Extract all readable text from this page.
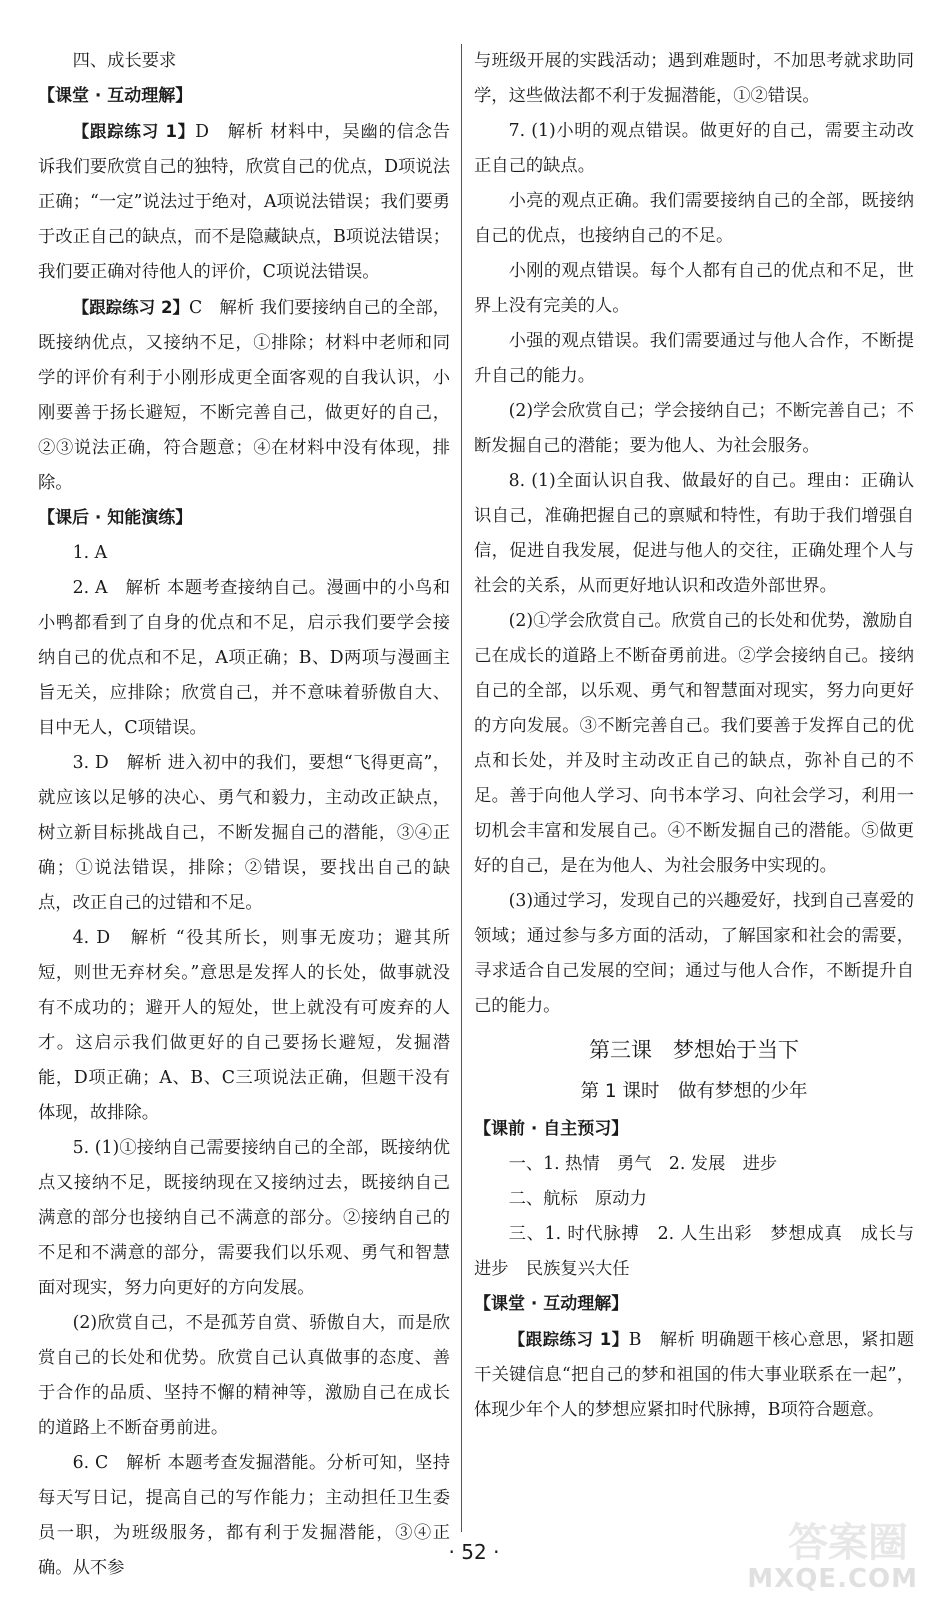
四、成长要求

【课堂 · 互动理解】

【跟踪练习 1】D　解析 材料中，吴幽的信念告诉我们要欣赏自己的独特，欣赏自己的优点，D项说法正确；“一定”说法过于绝对，A项说法错误；我们要勇于改正自己的缺点，而不是隐藏缺点，B项说法错误；我们要正确对待他人的评价，C项说法错误。

【跟踪练习 2】C　解析 我们要接纳自己的全部，既接纳优点，又接纳不足，①排除；材料中老师和同学的评价有利于小刚形成更全面客观的自我认识，小刚要善于扬长避短，不断完善自己，做更好的自己，②③说法正确，符合题意；④在材料中没有体现，排除。

【课后 · 知能演练】

1. A

2. A　解析 本题考查接纳自己。漫画中的小鸟和小鸭都看到了自身的优点和不足，启示我们要学会接纳自己的优点和不足，A项正确；B、D两项与漫画主旨无关，应排除；欣赏自己，并不意味着骄傲自大、目中无人，C项错误。

3. D　解析 进入初中的我们，要想“飞得更高”，就应该以足够的决心、勇气和毅力，主动改正缺点，树立新目标挑战自己，不断发掘自己的潜能，③④正确；①说法错误，排除；②错误，要找出自己的缺点，改正自己的过错和不足。

4. D　解析 “役其所长，则事无废功；避其所短，则世无弃材矣。”意思是发挥人的长处，做事就没有不成功的；避开人的短处，世上就没有可废弃的人才。这启示我们做更好的自己要扬长避短，发掘潜能，D项正确；A、B、C三项说法正确，但题干没有体现，故排除。

5. (1)①接纳自己需要接纳自己的全部，既接纳优点又接纳不足，既接纳现在又接纳过去，既接纳自己满意的部分也接纳自己不满意的部分。②接纳自己的不足和不满意的部分，需要我们以乐观、勇气和智慧面对现实，努力向更好的方向发展。

(2)欣赏自己，不是孤芳自赏、骄傲自大，而是欣赏自己的长处和优势。欣赏自己认真做事的态度、善于合作的品质、坚持不懈的精神等，激励自己在成长的道路上不断奋勇前进。

6. C　解析 本题考查发掘潜能。分析可知，坚持每天写日记，提高自己的写作能力；主动担任卫生委员一职，为班级服务，都有利于发掘潜能，③④正确。从不参

与班级开展的实践活动；遇到难题时，不加思考就求助同学，这些做法都不利于发掘潜能，①②错误。

7. (1)小明的观点错误。做更好的自己，需要主动改正自己的缺点。

小亮的观点正确。我们需要接纳自己的全部，既接纳自己的优点，也接纳自己的不足。

小刚的观点错误。每个人都有自己的优点和不足，世界上没有完美的人。

小强的观点错误。我们需要通过与他人合作，不断提升自己的能力。

(2)学会欣赏自己；学会接纳自己；不断完善自己；不断发掘自己的潜能；要为他人、为社会服务。

8. (1)全面认识自我、做最好的自己。理由：正确认识自己，准确把握自己的禀赋和特性，有助于我们增强自信，促进自我发展，促进与他人的交往，正确处理个人与社会的关系，从而更好地认识和改造外部世界。

(2)①学会欣赏自己。欣赏自己的长处和优势，激励自己在成长的道路上不断奋勇前进。②学会接纳自己。接纳自己的全部，以乐观、勇气和智慧面对现实，努力向更好的方向发展。③不断完善自己。我们要善于发挥自己的优点和长处，并及时主动改正自己的缺点，弥补自己的不足。善于向他人学习、向书本学习、向社会学习，利用一切机会丰富和发展自己。④不断发掘自己的潜能。⑤做更好的自己，是在为他人、为社会服务中实现的。

(3)通过学习，发现自己的兴趣爱好，找到自己喜爱的领域；通过参与多方面的活动，了解国家和社会的需要，寻求适合自己发展的空间；通过与他人合作，不断提升自己的能力。

第三课　梦想始于当下
第 1 课时　做有梦想的少年

【课前 · 自主预习】

一、1. 热情　勇气　2. 发展　进步

二、航标　原动力

三、1. 时代脉搏　2. 人生出彩　梦想成真　成长与进步　民族复兴大任

【课堂 · 互动理解】

【跟踪练习 1】B　解析 明确题干核心意思，紧扣题干关键信息“把自己的梦和祖国的伟大事业联系在一起”，体现少年个人的梦想应紧扣时代脉搏，B项符合题意。

· 52 ·	答案圈
MXQE.COM
